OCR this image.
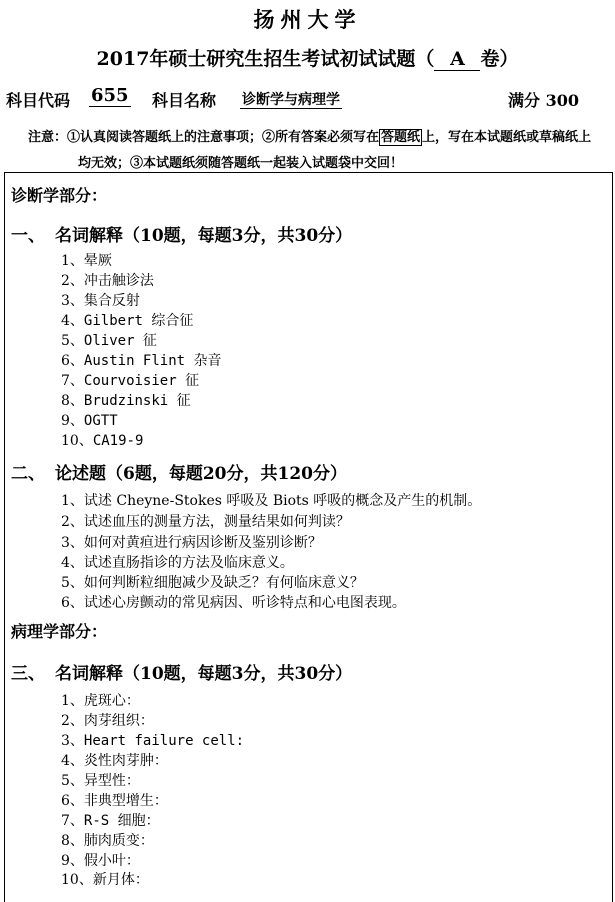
扬州大学
2017年硕士研究生招生考试初试试题（ A 卷）
科目代码 655 科目名称 诊断学与病理学	满分 300
注意：①认真阅读答题纸上的注意事项；②所有答案必须写在 答题纸 上，写在本试题纸或草稿纸上
均无效；③本试题纸须随答题纸一起装入试题袋中交回！
诊断学部分：
一、 名词解释（10题，每题3分，共30分）
1、晕厥
2、冲击触诊法
3、集合反射
4、Gilbert 综合征
5、Oliver 征
6、Austin Flint 杂音
7、Courvoisier 征
8、Brudzinski 征
9、OGTT
10、CA19-9
二、 论述题（6题，每题20分，共120分）
1、试述 Cheyne-Stokes 呼吸及 Biots 呼吸的概念及产生的机制。
2、试述血压的测量方法，测量结果如何判读？
3、如何对黄疸进行病因诊断及鉴别诊断？
4、试述直肠指诊的方法及临床意义。
5、如何判断粒细胞减少及缺乏？有何临床意义？
6、试述心房颤动的常见病因、听诊特点和心电图表现。
病理学部分：
三、 名词解释（10题，每题3分，共30分）
1、虎斑心：
2、肉芽组织：
3、Heart failure cell:
4、炎性肉芽肿：
5、异型性：
6、非典型增生：
7、R-S 细胞：
8、肺肉质变：
9、假小叶：
10、新月体：
